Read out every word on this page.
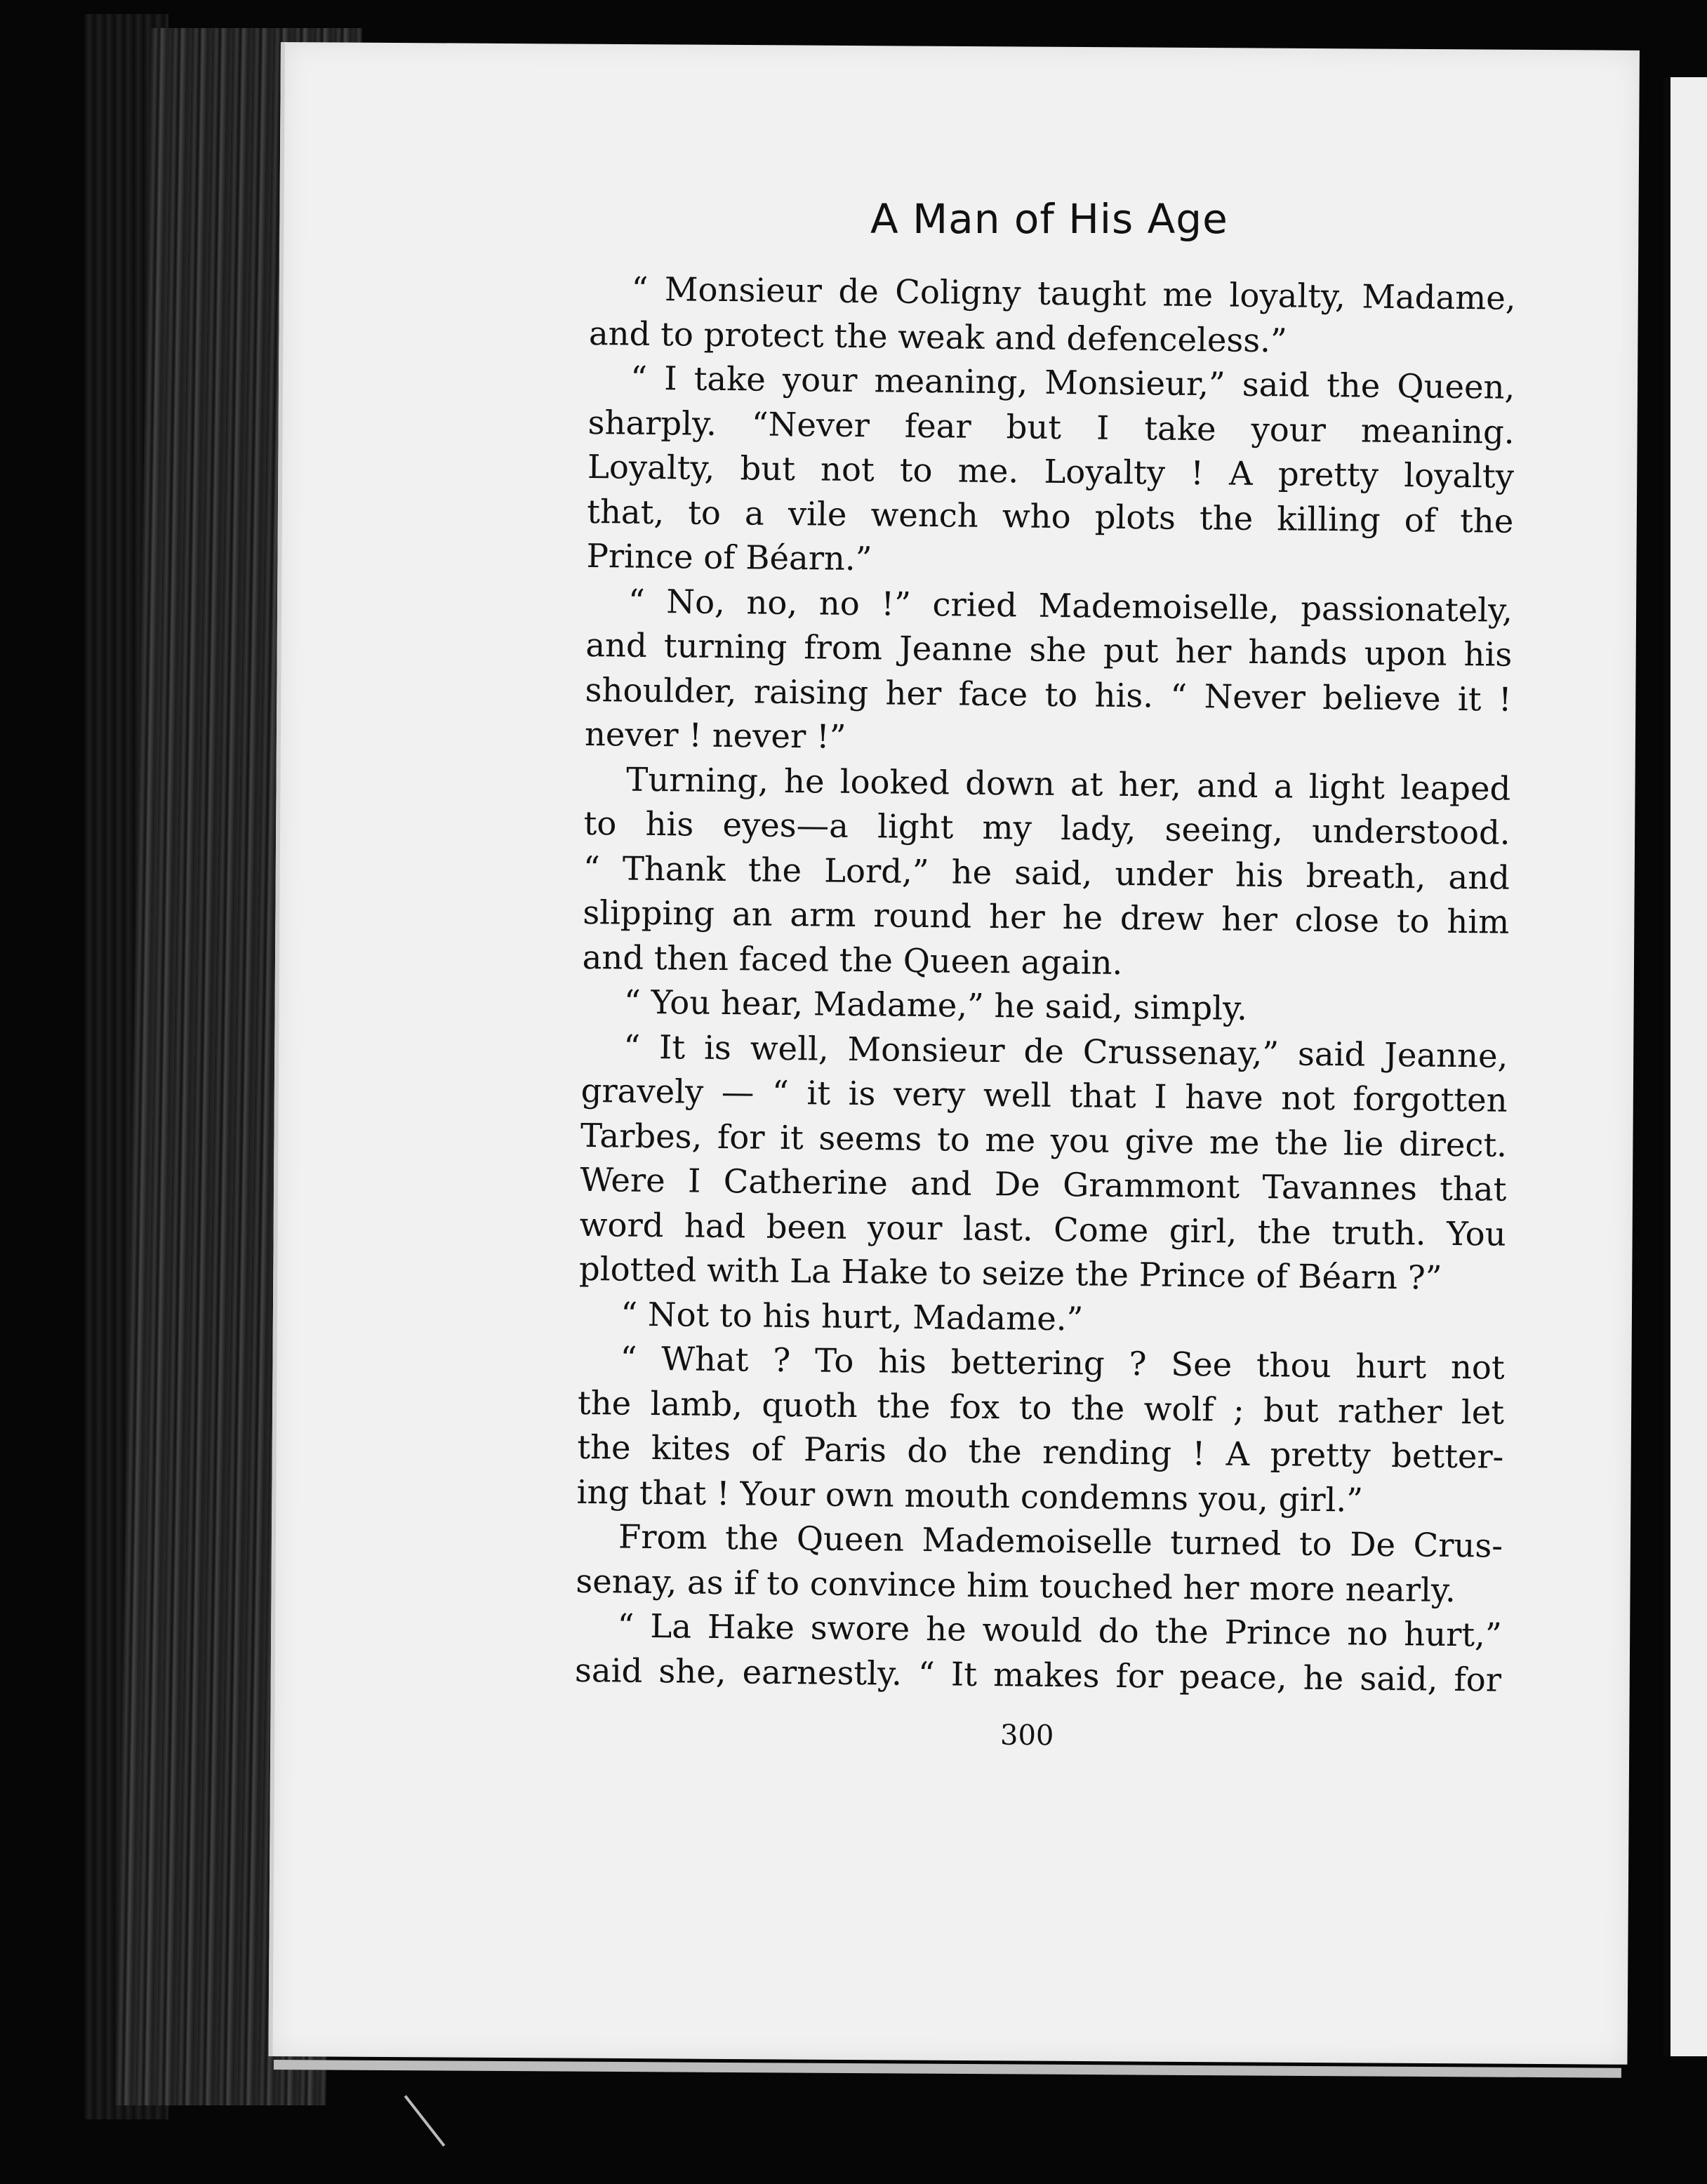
A Man of His Age
“ Monsieur de Coligny taught me loyalty, Madame,
and to protect the weak and defenceless.”
“ I take your meaning, Monsieur,” said the Queen,
sharply. “Never fear but I take your meaning.
Loyalty, but not to me. Loyalty ! A pretty loyalty
that, to a vile wench who plots the killing of the
Prince of Béarn.”
“ No, no, no !” cried Mademoiselle, passionately,
and turning from Jeanne she put her hands upon his
shoulder, raising her face to his. “ Never believe it !
never ! never !”
Turning, he looked down at her, and a light leaped
to his eyes—a light my lady, seeing, understood.
“ Thank the Lord,” he said, under his breath, and
slipping an arm round her he drew her close to him
and then faced the Queen again.
“ You hear, Madame,” he said, simply.
“ It is well, Monsieur de Crussenay,” said Jeanne,
gravely — “ it is very well that I have not forgotten
Tarbes, for it seems to me you give me the lie direct.
Were I Catherine and De Grammont Tavannes that
word had been your last. Come girl, the truth. You
plotted with La Hake to seize the Prince of Béarn ?”
“ Not to his hurt, Madame.”
“ What ? To his bettering ? See thou hurt not
the lamb, quoth the fox to the wolf ; but rather let
the kites of Paris do the rending ! A pretty better-
ing that ! Your own mouth condemns you, girl.”
From the Queen Mademoiselle turned to De Crus-
senay, as if to convince him touched her more nearly.
“ La Hake swore he would do the Prince no hurt,”
said she, earnestly. “ It makes for peace, he said, for
300
